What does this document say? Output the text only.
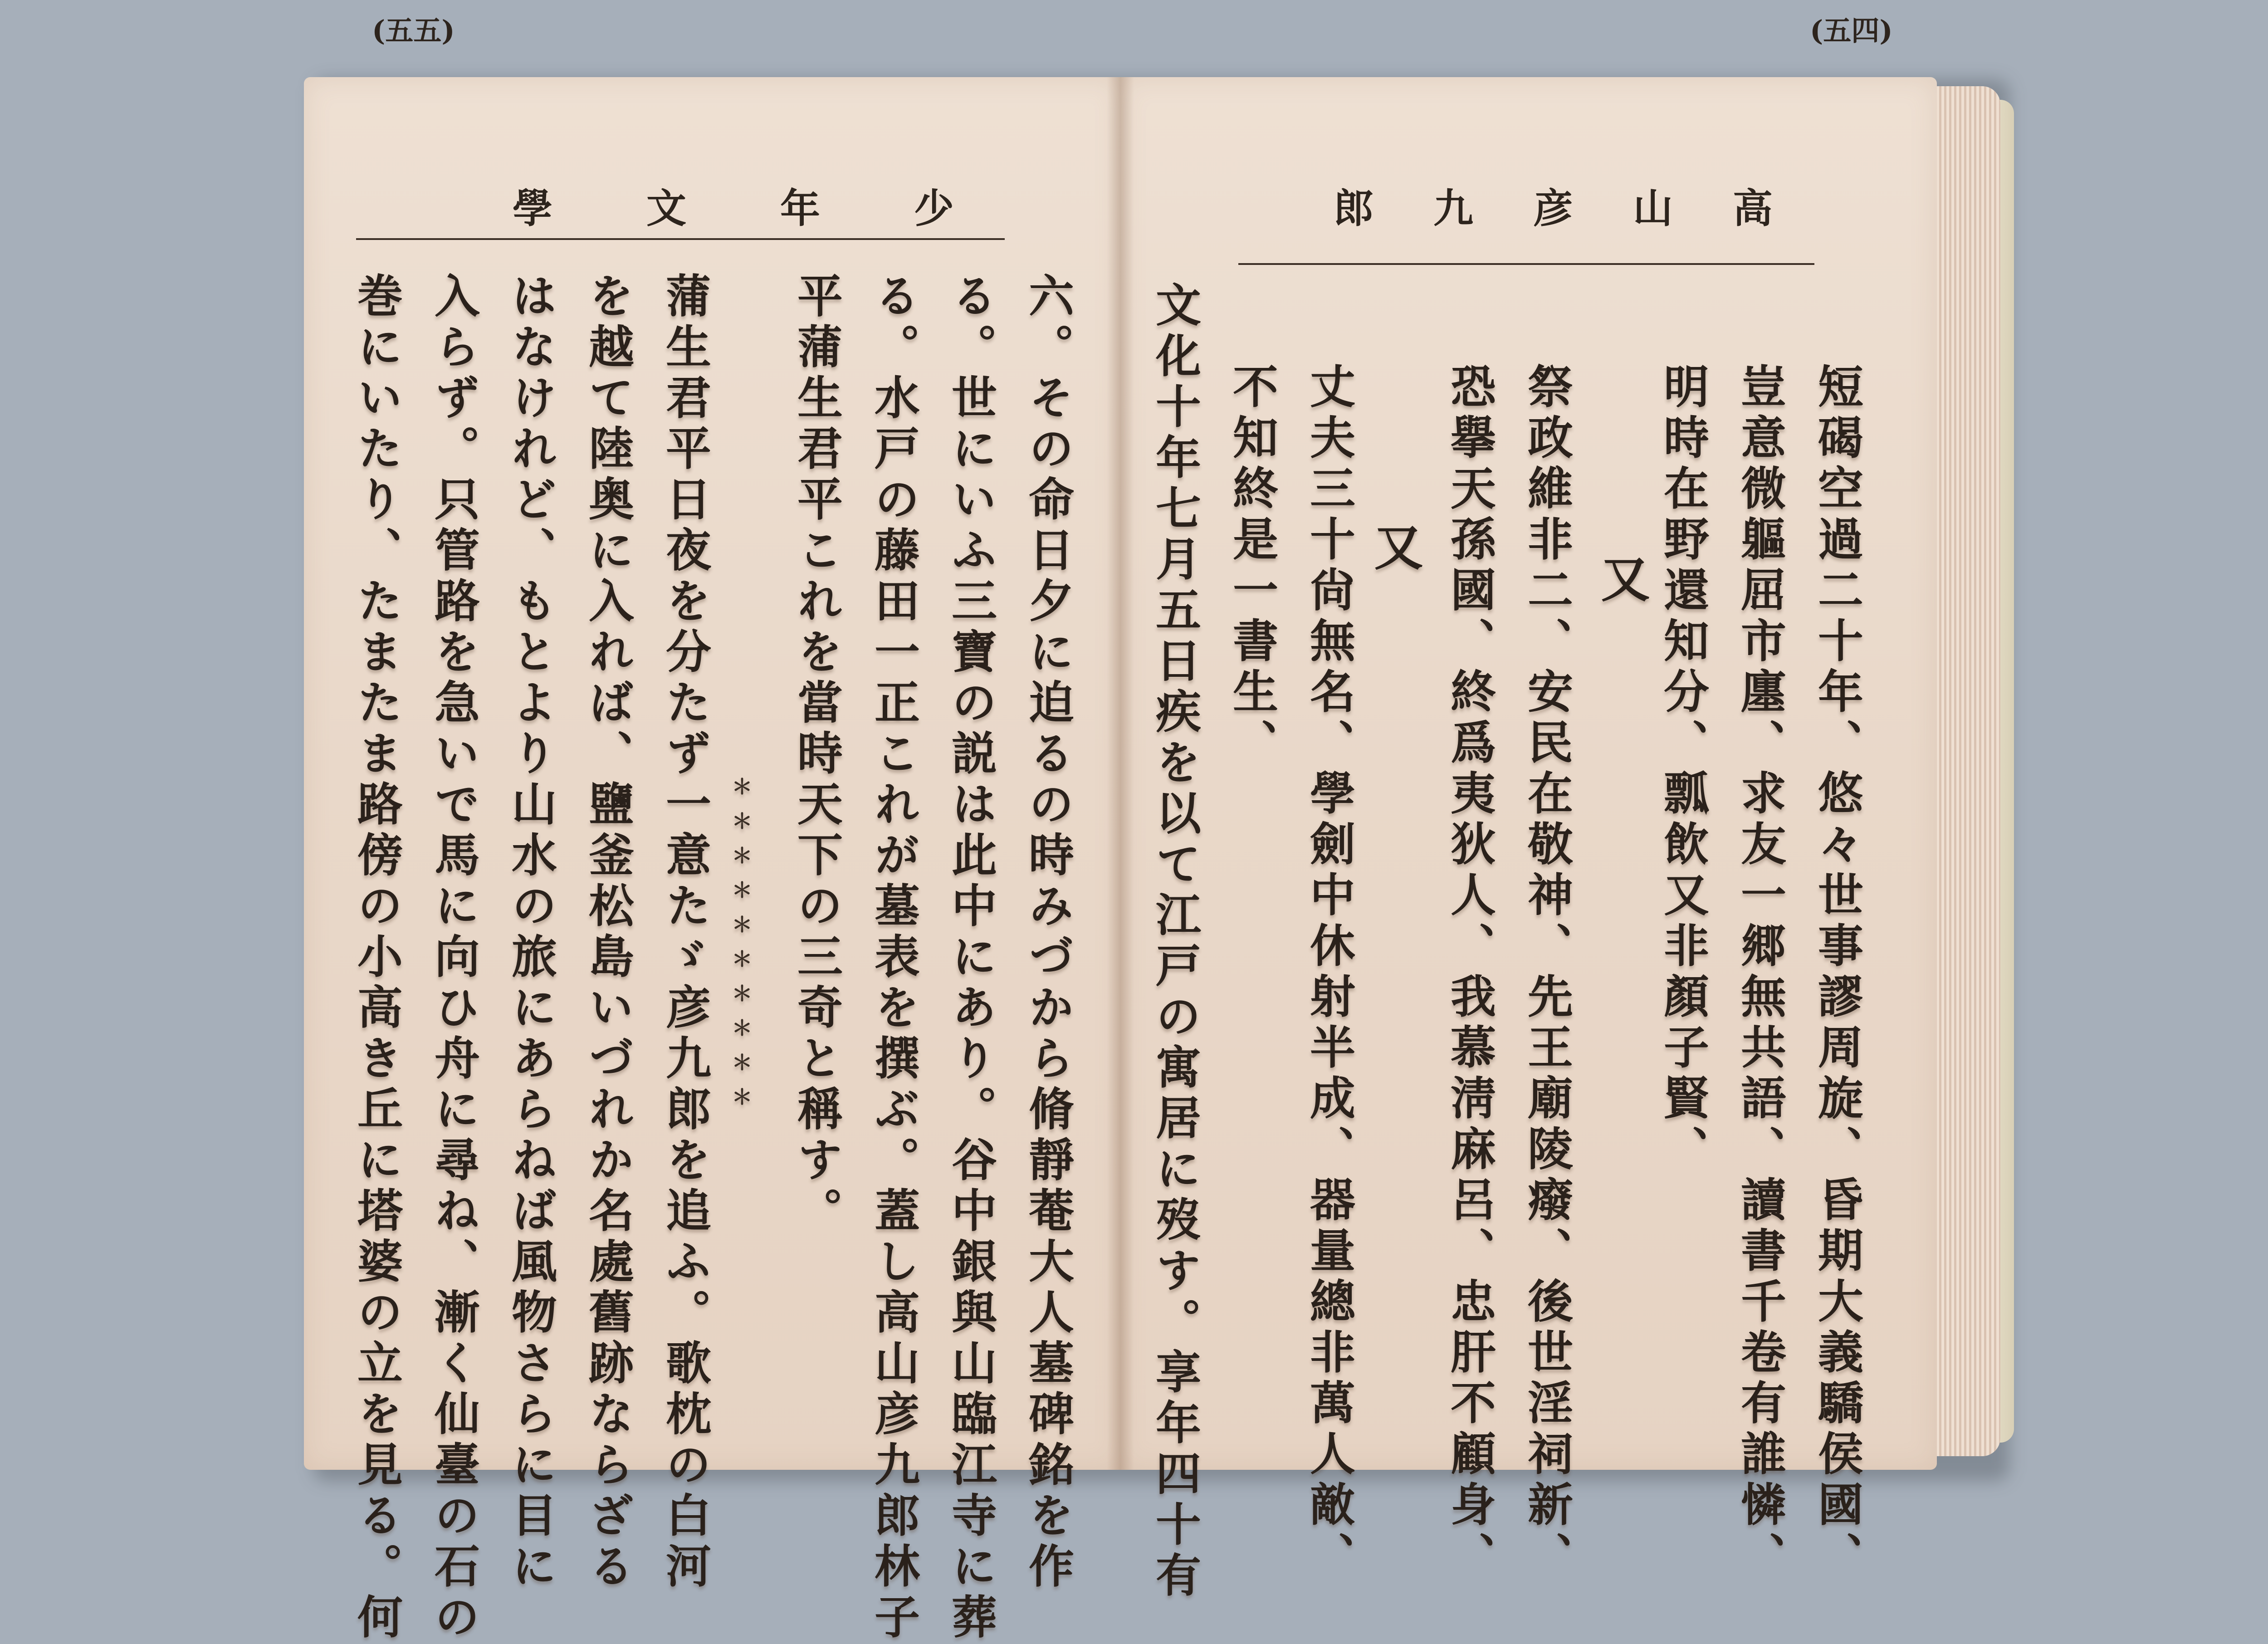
(五五)
學 文 年 少	郎 九 彦 山 高
(五四)
六。その命日夕に迫るの時みづから脩靜菴大人墓碑銘を作
る。世にいふ三寶の説は此中にあり。谷中銀與山臨江寺に葬
る。水戸の藤田一正これが墓表を撰ぶ。蓋し高山彦九郎林子
平蒲生君平これを當時天下の三奇と稱す。
＊＊＊＊＊＊＊＊＊＊
蒲生君平日夜を分たず一意たゞ彦九郎を追ふ。歌枕の白河
を越て陸奥に入れば、鹽釜松島いづれか名處舊跡ならざる
はなけれど、もとより山水の旅にあらねば風物さらに目に
入らず。只管路を急いで馬に向ひ舟に尋ね、漸く仙臺の石の
巻にいたり、たまたま路傍の小高き丘に塔婆の立を見る。何	短碣空過二十年、悠々世事謬周旋、昏期大義驕侯國、
豈意微軀屈市廛、求友一郷無共語、讀書千卷有誰憐、
明時在野還知分、瓢飲又非顏子賢、
又
祭政維非二、安民在敬神、先王廟陵癈、後世淫祠新、
恐擧天孫國、終爲夷狄人、我慕淸麻呂、忠肝不顧身、
又
丈夫三十尙無名、學劍中休射半成、器量總非萬人敵、
不知終是一書生、
文化十年七月五日疾を以て江戸の寓居に歿す。享年四十有
